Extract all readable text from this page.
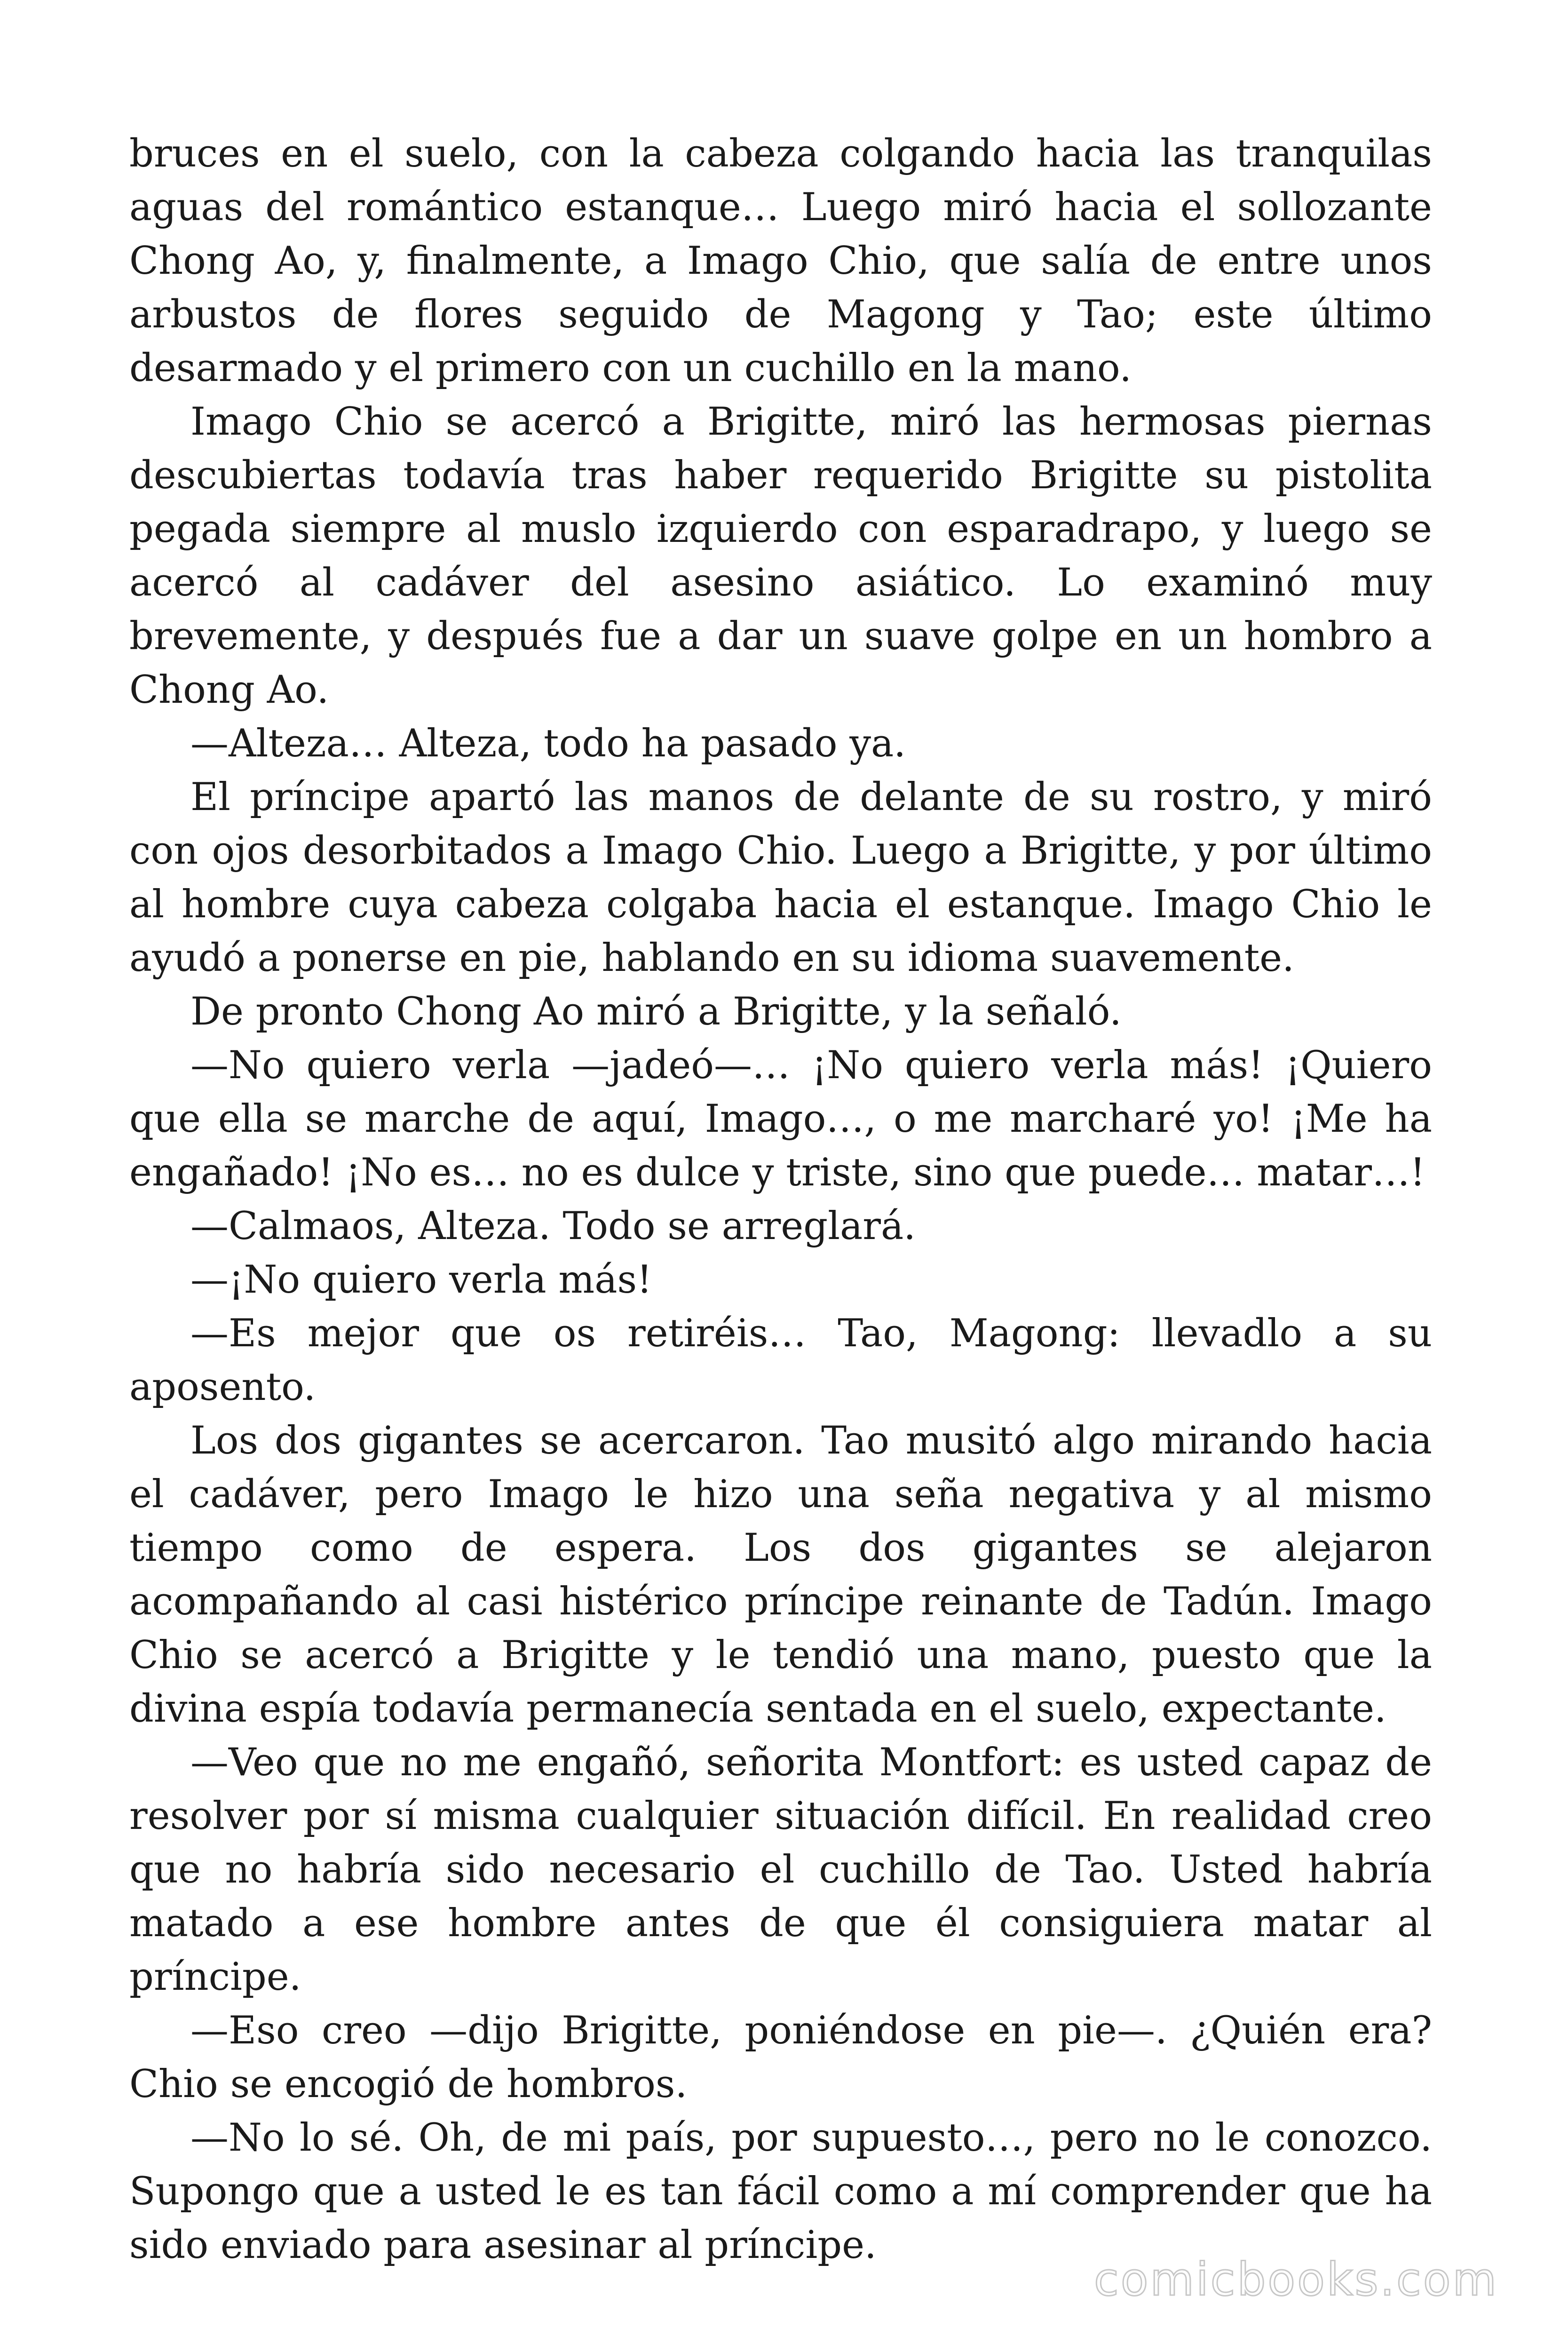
bruces en el suelo, con la cabeza colgando hacia las tranquilas aguas del romántico estanque… Luego miró hacia el sollozante Chong Ao, y, finalmente, a Imago Chio, que salía de entre unos arbustos de flores seguido de Magong y Tao; este último desarmado y el primero con un cuchillo en la mano.

Imago Chio se acercó a Brigitte, miró las hermosas piernas descubiertas todavía tras haber requerido Brigitte su pistolita pegada siempre al muslo izquierdo con esparadrapo, y luego se acercó al cadáver del asesino asiático. Lo examinó muy brevemente, y después fue a dar un suave golpe en un hombro a Chong Ao.

—Alteza… Alteza, todo ha pasado ya.

El príncipe apartó las manos de delante de su rostro, y miró con ojos desorbitados a Imago Chio. Luego a Brigitte, y por último al hombre cuya cabeza colgaba hacia el estanque. Imago Chio le ayudó a ponerse en pie, hablando en su idioma suavemente.

De pronto Chong Ao miró a Brigitte, y la señaló.

—No quiero verla —jadeó—… ¡No quiero verla más! ¡Quiero que ella se marche de aquí, Imago…, o me marcharé yo! ¡Me ha engañado! ¡No es… no es dulce y triste, sino que puede… matar…!

—Calmaos, Alteza. Todo se arreglará.

—¡No quiero verla más!

—Es mejor que os retiréis… Tao, Magong: llevadlo a su aposento.

Los dos gigantes se acercaron. Tao musitó algo mirando hacia el cadáver, pero Imago le hizo una seña negativa y al mismo tiempo como de espera. Los dos gigantes se alejaron acompañando al casi histérico príncipe reinante de Tadún. Imago Chio se acercó a Brigitte y le tendió una mano, puesto que la divina espía todavía permanecía sentada en el suelo, expectante.

—Veo que no me engañó, señorita Montfort: es usted capaz de resolver por sí misma cualquier situación difícil. En realidad creo que no habría sido necesario el cuchillo de Tao. Usted habría matado a ese hombre antes de que él consiguiera matar al príncipe.

—Eso creo —dijo Brigitte, poniéndose en pie—. ¿Quién era? Chio se encogió de hombros.

—No lo sé. Oh, de mi país, por supuesto…, pero no le conozco. Supongo que a usted le es tan fácil como a mí comprender que ha sido enviado para asesinar al príncipe.

comicbooks.com
